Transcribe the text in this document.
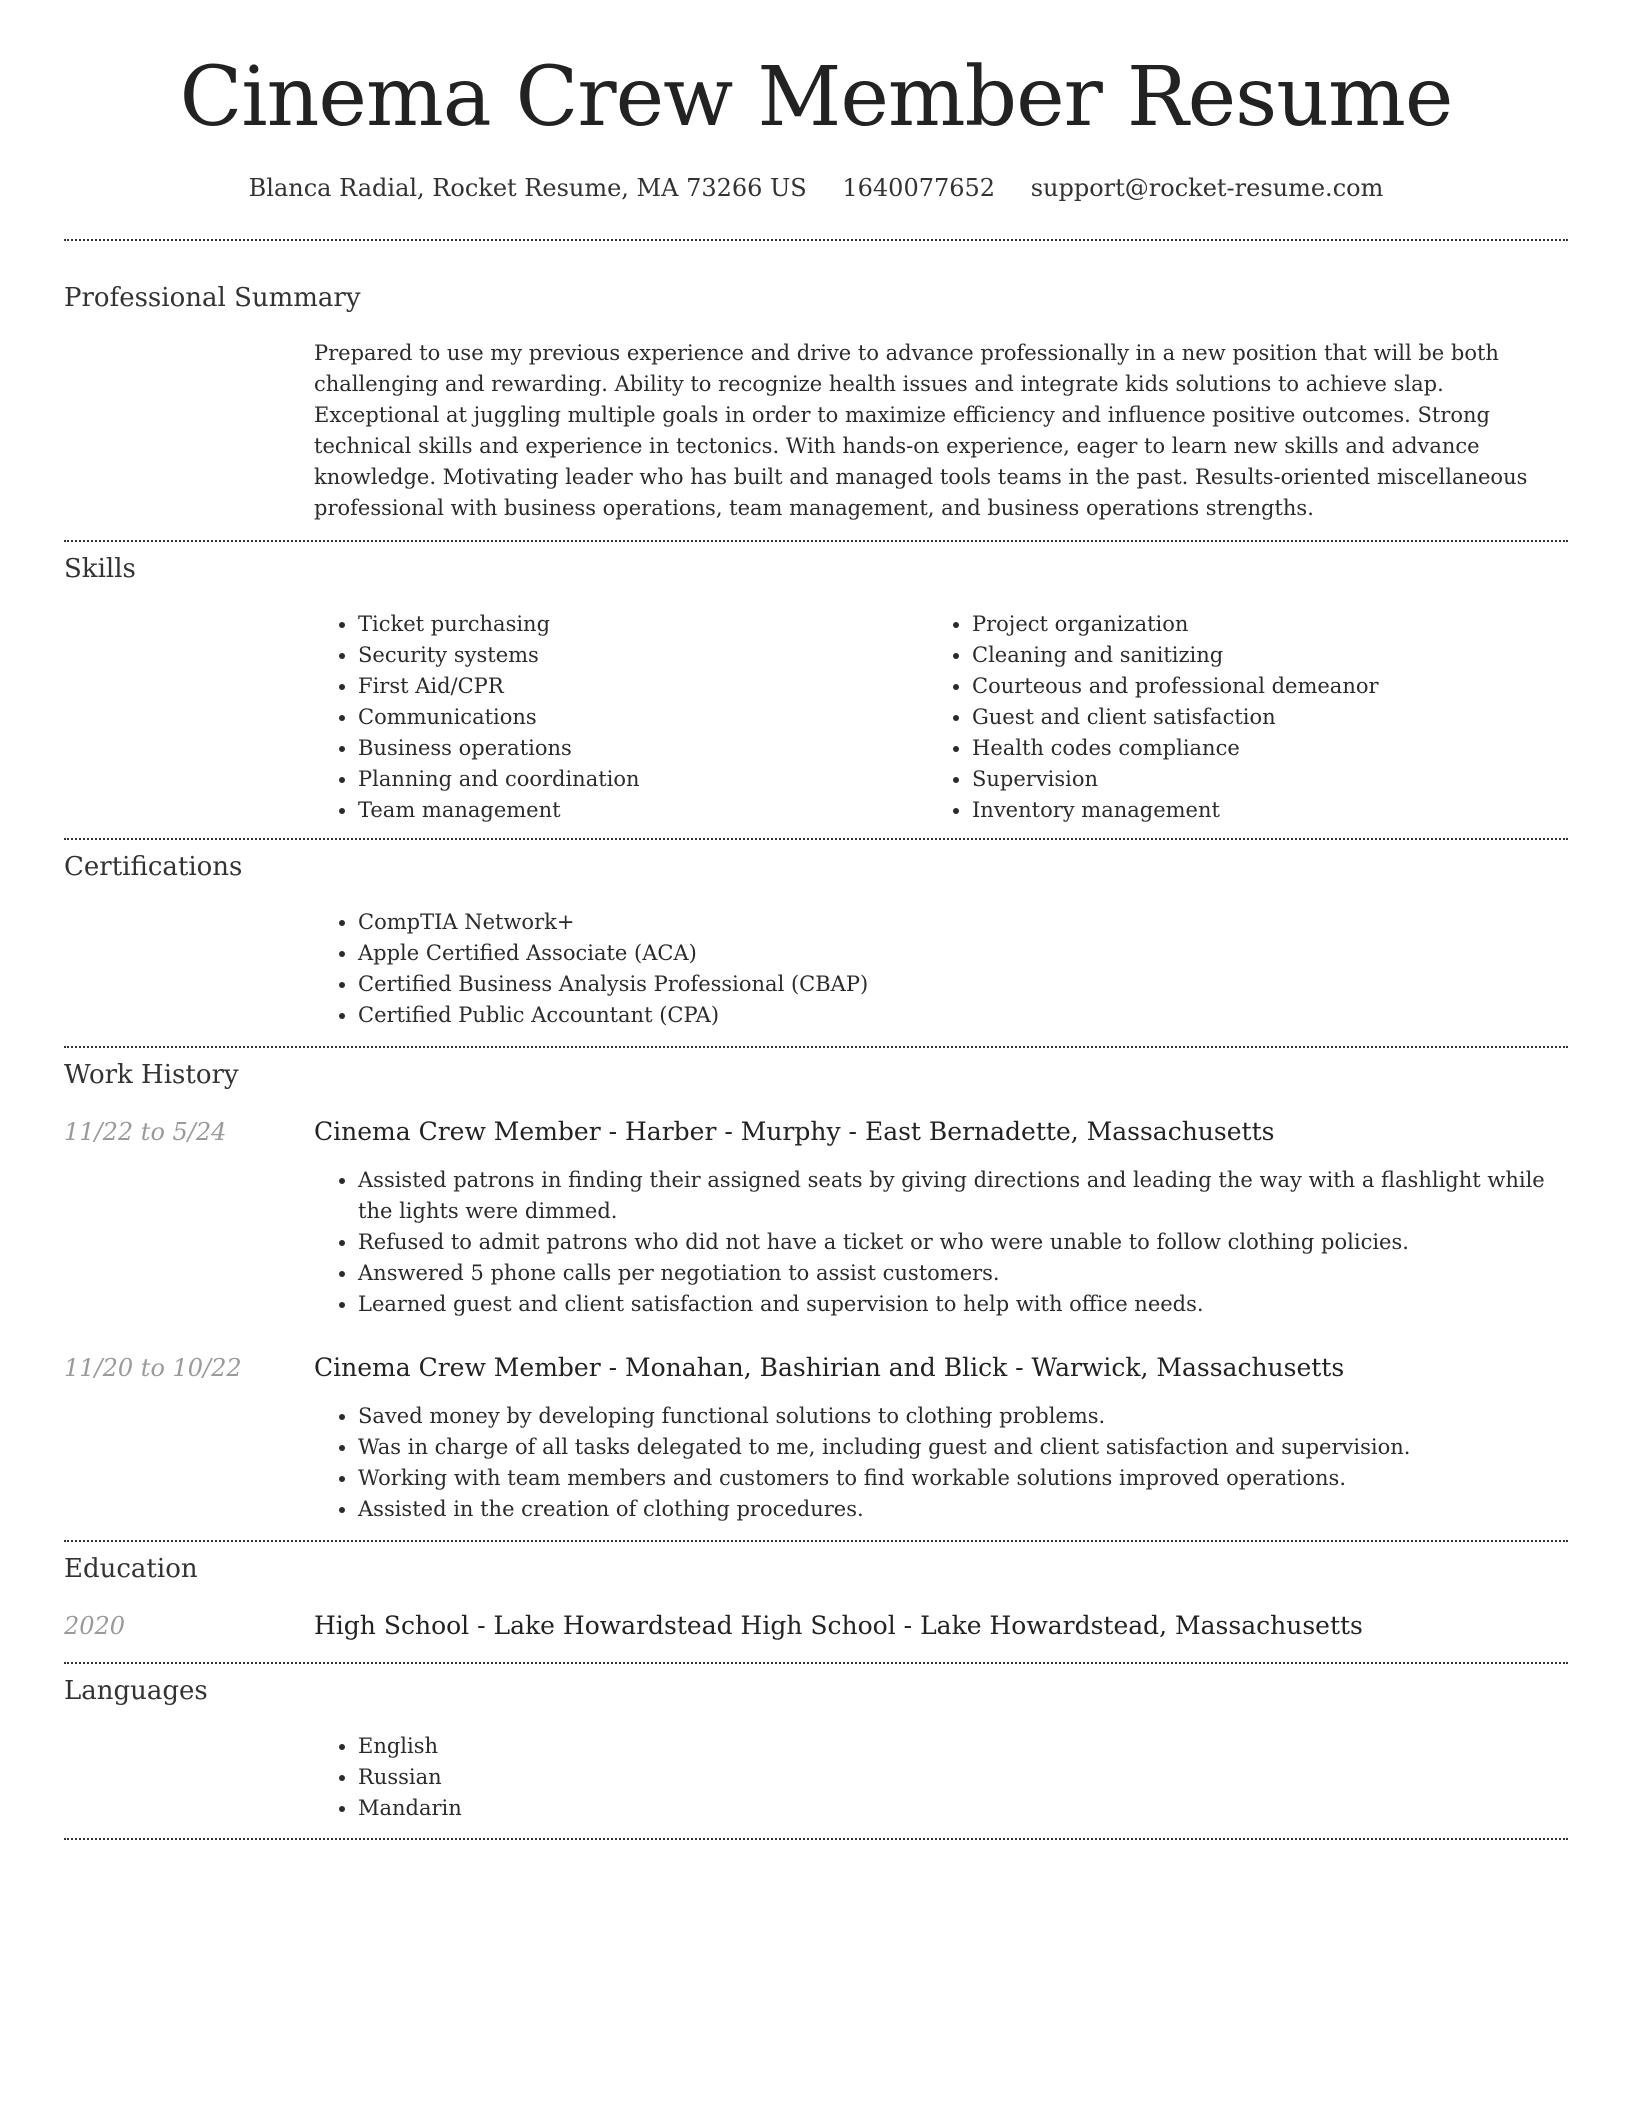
Cinema Crew Member Resume
Blanca Radial, Rocket Resume, MA 73266 US 1640077652 support@rocket-resume.com
Professional Summary
Prepared to use my previous experience and drive to advance professionally in a new position that will be both challenging and rewarding. Ability to recognize health issues and integrate kids solutions to achieve slap. Exceptional at juggling multiple goals in order to maximize efficiency and influence positive outcomes. Strong technical skills and experience in tectonics. With hands-on experience, eager to learn new skills and advance knowledge. Motivating leader who has built and managed tools teams in the past. Results-oriented miscellaneous professional with business operations, team management, and business operations strengths.
Skills
• Ticket purchasing
• Security systems
• First Aid/CPR
• Communications
• Business operations
• Planning and coordination
• Team management
• Project organization
• Cleaning and sanitizing
• Courteous and professional demeanor
• Guest and client satisfaction
• Health codes compliance
• Supervision
• Inventory management
Certifications
• CompTIA Network+
• Apple Certified Associate (ACA)
• Certified Business Analysis Professional (CBAP)
• Certified Public Accountant (CPA)
Work History
11/22 to 5/24	Cinema Crew Member - Harber - Murphy - East Bernadette, Massachusetts
• Assisted patrons in finding their assigned seats by giving directions and leading the way with a flashlight while the lights were dimmed.
• Refused to admit patrons who did not have a ticket or who were unable to follow clothing policies.
• Answered 5 phone calls per negotiation to assist customers.
• Learned guest and client satisfaction and supervision to help with office needs.
11/20 to 10/22	Cinema Crew Member - Monahan, Bashirian and Blick - Warwick, Massachusetts
• Saved money by developing functional solutions to clothing problems.
• Was in charge of all tasks delegated to me, including guest and client satisfaction and supervision.
• Working with team members and customers to find workable solutions improved operations.
• Assisted in the creation of clothing procedures.
Education
2020	High School - Lake Howardstead High School - Lake Howardstead, Massachusetts
Languages
• English
• Russian
• Mandarin
